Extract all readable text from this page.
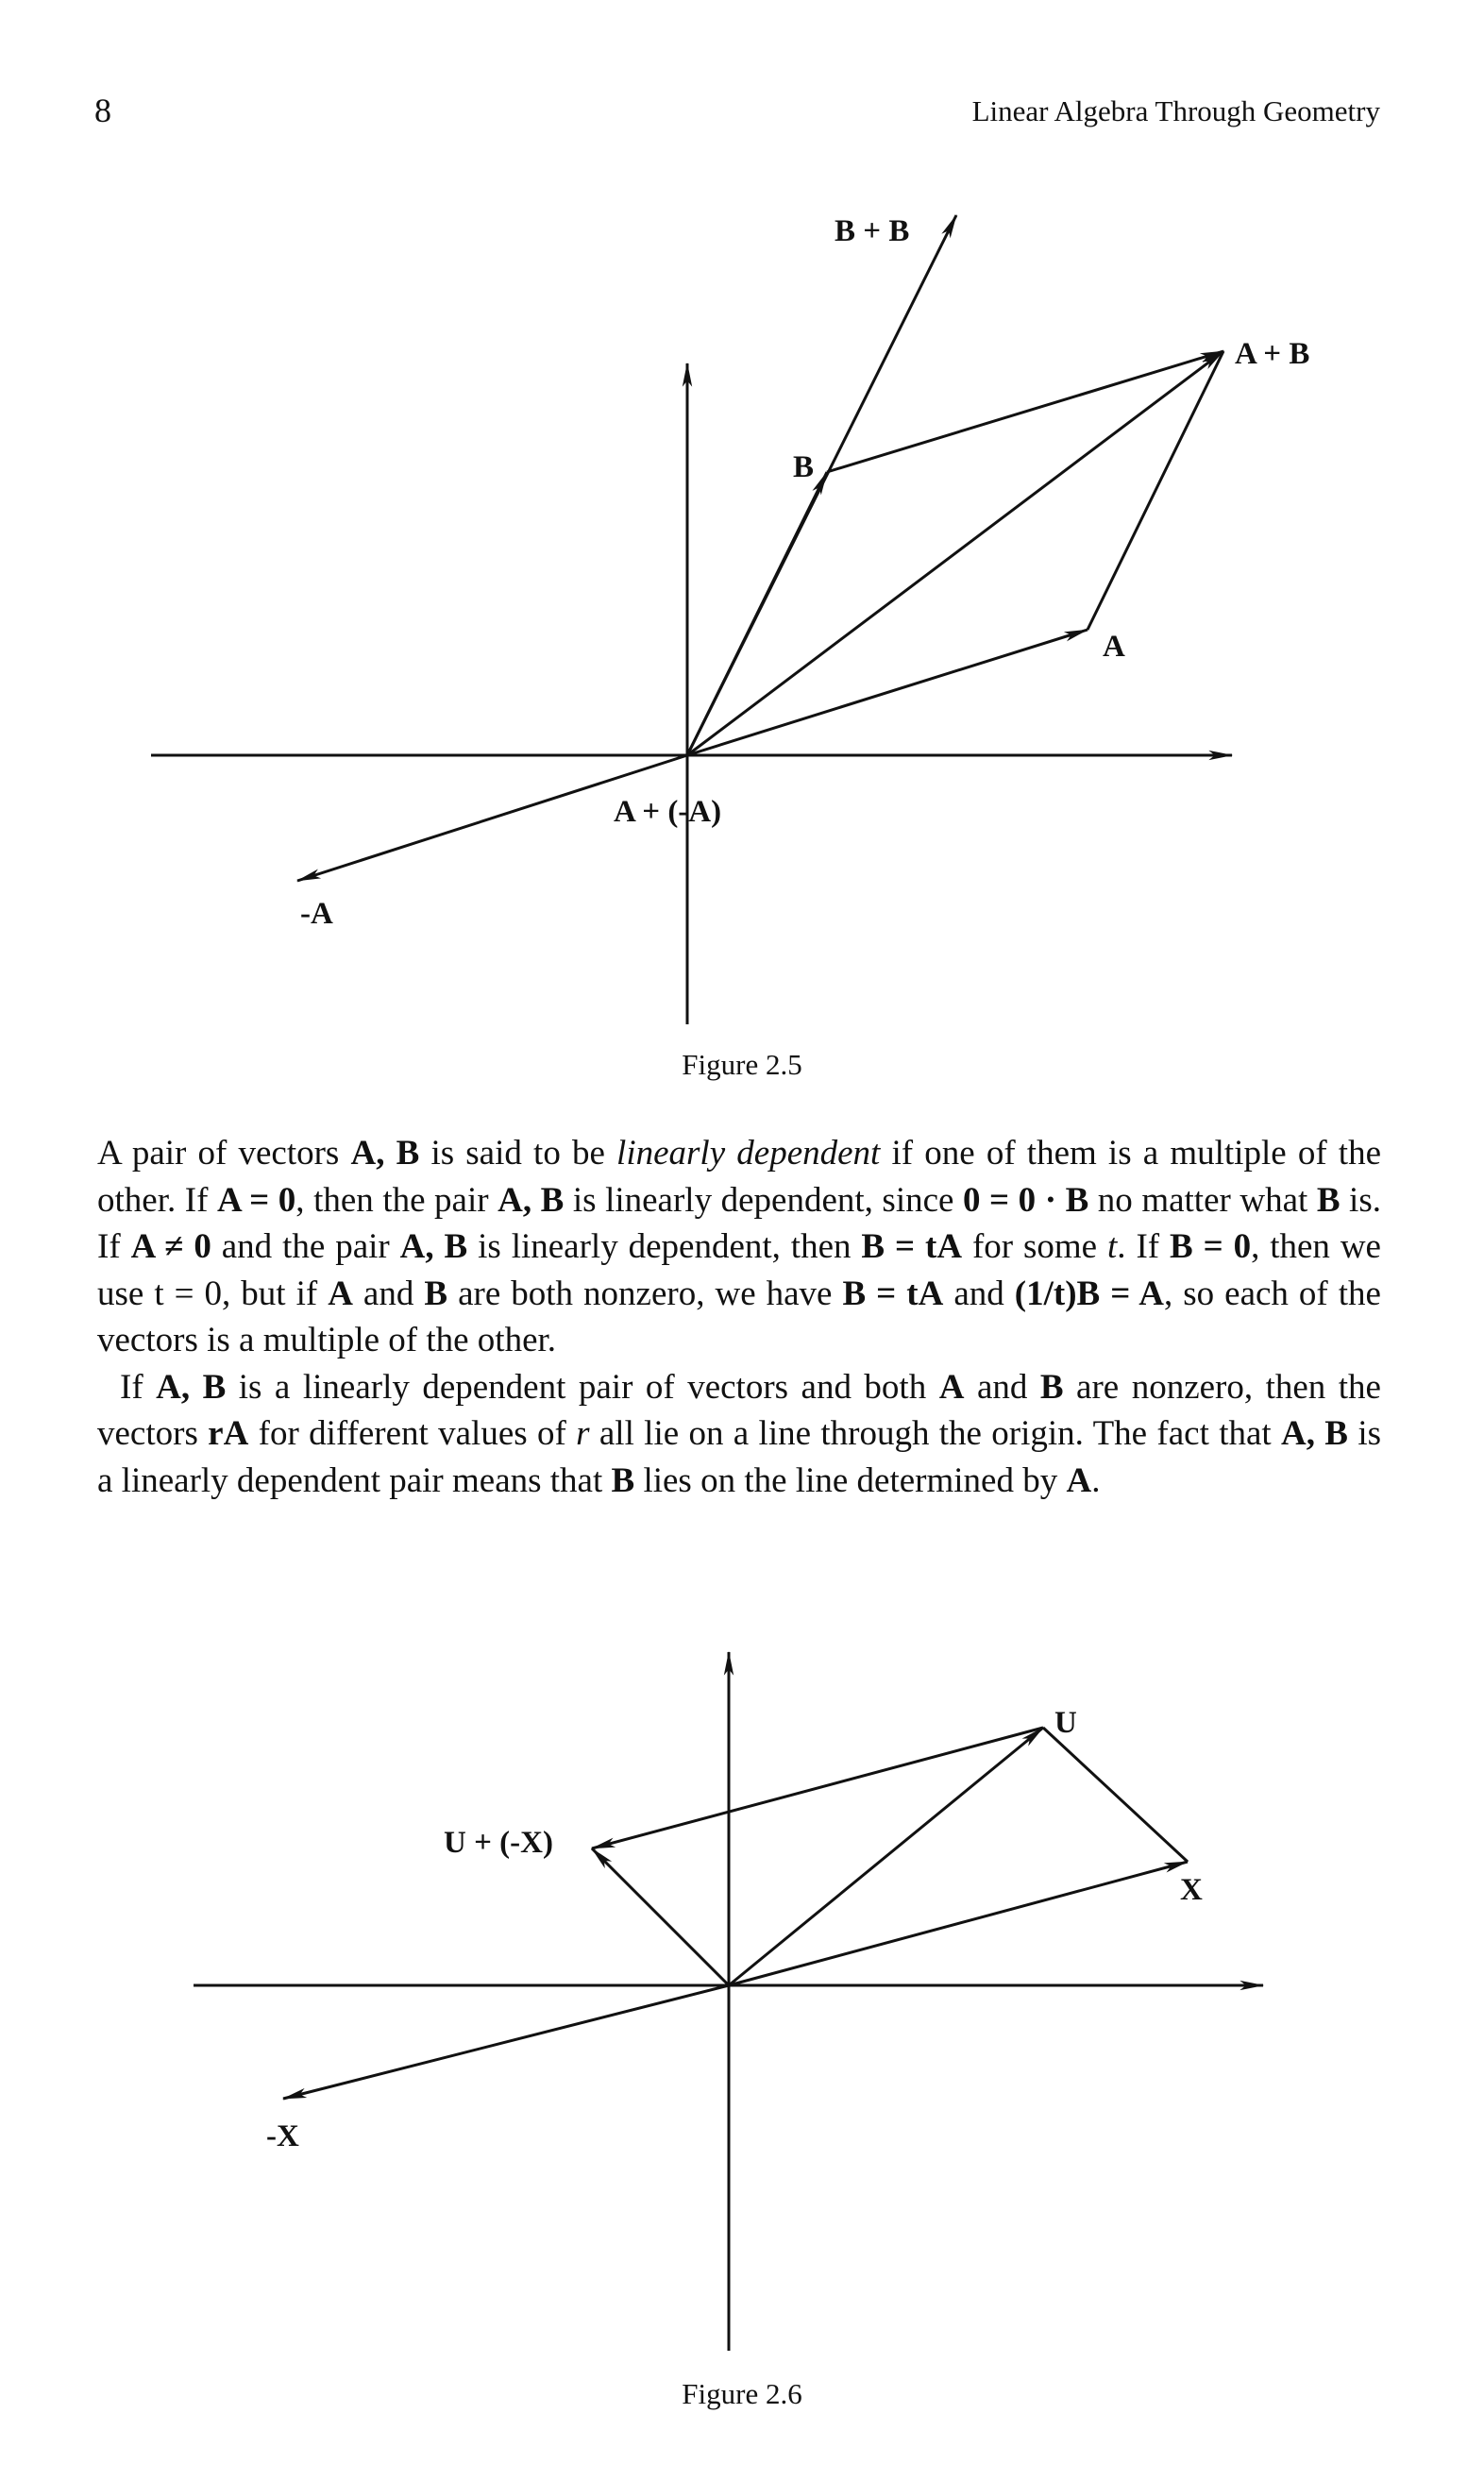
8	Linear Algebra Through Geometry
B + B
A + B
B
A
A + (-A)
-A
Figure 2.5

A pair of vectors A, B is said to be linearly dependent if one of them is a multiple of the other. If A = 0, then the pair A, B is linearly dependent, since 0 = 0 · B no matter what B is. If A ≠ 0 and the pair A, B is linearly dependent, then B = tA for some t. If B = 0, then we use t = 0, but if A and B are both nonzero, we have B = tA and (1/t)B = A, so each of the vectors is a multiple of the other.

If A, B is a linearly dependent pair of vectors and both A and B are nonzero, then the vectors rA for different values of r all lie on a line through the origin. The fact that A, B is a linearly dependent pair means that B lies on the line determined by A.

U
U + (-X)
X
-X
Figure 2.6
